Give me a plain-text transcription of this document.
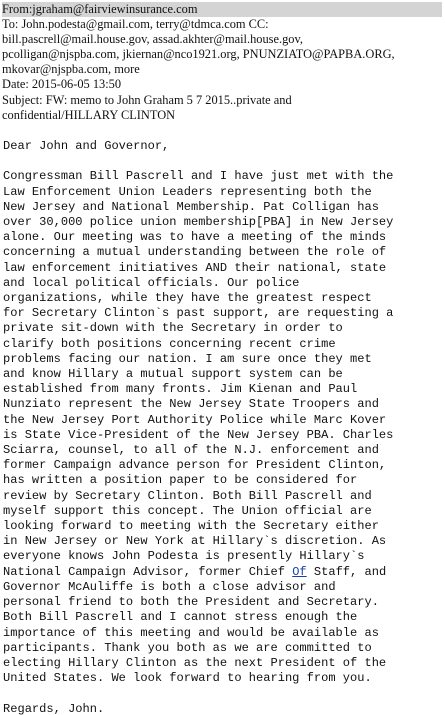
From:jgraham@fairviewinsurance.com
To: John.podesta@gmail.com, terry@tdmca.com CC:
bill.pascrell@mail.house.gov, assad.akhter@mail.house.gov,
pcolligan@njspba.com, jkiernan@nco1921.org, PNUNZIATO@PAPBA.ORG,
mkovar@njspba.com, more
Date: 2015-06-05 13:50
Subject: FW: memo to John Graham 5 7 2015..private and
confidential/HILLARY CLINTON
Dear John and Governor,

Congressman Bill Pascrell and I have just met with the
Law Enforcement Union Leaders representing both the
New Jersey and National Membership. Pat Colligan has
over 30,000 police union membership[PBA] in New Jersey
alone. Our meeting was to have a meeting of the minds
concerning a mutual understanding between the role of
law enforcement initiatives AND their national, state
and local political officials. Our police
organizations, while they have the greatest respect
for Secretary Clinton`s past support, are requesting a
private sit-down with the Secretary in order to
clarify both positions concerning recent crime
problems facing our nation. I am sure once they met
and know Hillary a mutual support system can be
established from many fronts. Jim Kienan and Paul
Nunziato represent the New Jersey State Troopers and
the New Jersey Port Authority Police while Marc Kover
is State Vice-President of the New Jersey PBA. Charles
Sciarra, counsel, to all of the N.J. enforcement and
former Campaign advance person for President Clinton,
has written a position paper to be considered for
review by Secretary Clinton. Both Bill Pascrell and
myself support this concept. The Union official are
looking forward to meeting with the Secretary either
in New Jersey or New York at Hillary`s discretion. As
everyone knows John Podesta is presently Hillary`s
National Campaign Advisor, former Chief Of Staff, and
Governor McAuliffe is both a close advisor and
personal friend to both the President and Secretary.
Both Bill Pascrell and I cannot stress enough the
importance of this meeting and would be available as
participants. Thank you both as we are committed to
electing Hillary Clinton as the next President of the
United States. We look forward to hearing from you.

Regards, John.
